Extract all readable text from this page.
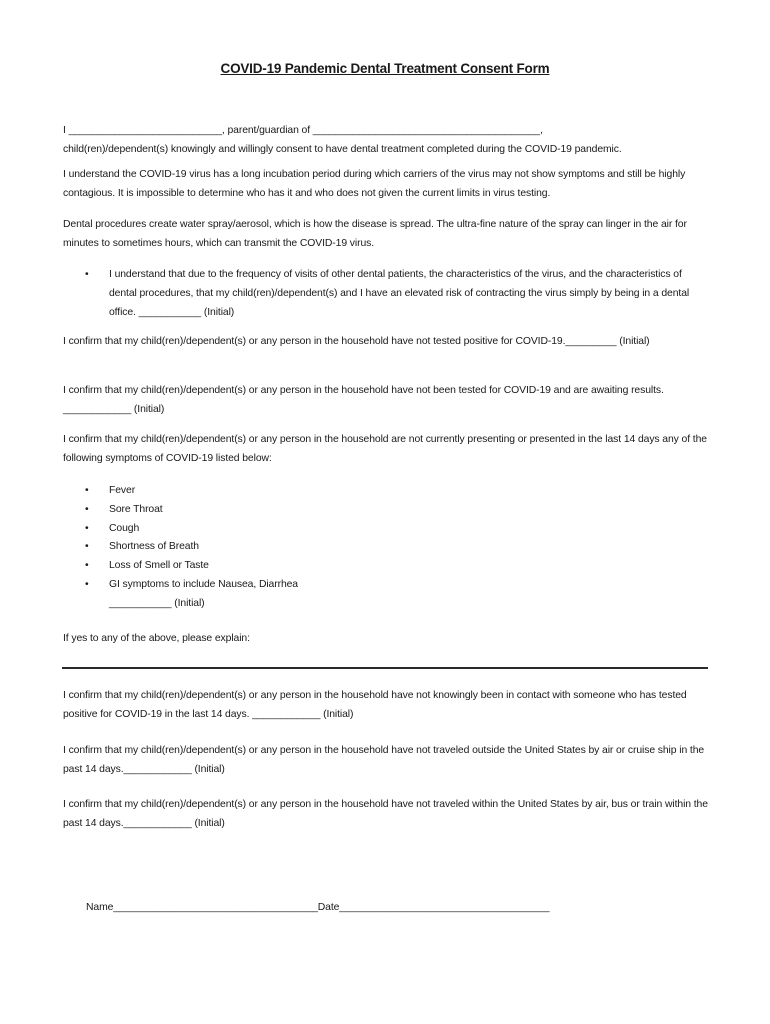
COVID-19 Pandemic Dental Treatment Consent Form

I ___________________________, parent/guardian of ________________________________________,
child(ren)/dependent(s) knowingly and willingly consent to have dental treatment completed during the COVID-19 pandemic.

I understand the COVID-19 virus has a long incubation period during which carriers of the virus may not show symptoms and still be highly contagious. It is impossible to determine who has it and who does not given the current limits in virus testing.

Dental procedures create water spray/aerosol, which is how the disease is spread. The ultra-fine nature of the spray can linger in the air for minutes to sometimes hours, which can transmit the COVID-19 virus.

• I understand that due to the frequency of visits of other dental patients, the characteristics of the virus, and the characteristics of dental procedures, that my child(ren)/dependent(s) and I have an elevated risk of contracting the virus simply by being in a dental office. ___________ (Initial)

I confirm that my child(ren)/dependent(s) or any person in the household have not tested positive for COVID-19._________ (Initial)

I confirm that my child(ren)/dependent(s) or any person in the household have not been tested for COVID-19 and are awaiting results. ____________ (Initial)

I confirm that my child(ren)/dependent(s) or any person in the household are not currently presenting or presented in the last 14 days any of the following symptoms of COVID-19 listed below:

• Fever
• Sore Throat
• Cough
• Shortness of Breath
• Loss of Smell or Taste
• GI symptoms to include Nausea, Diarrhea
___________ (Initial)

If yes to any of the above, please explain:

I confirm that my child(ren)/dependent(s) or any person in the household have not knowingly been in contact with someone who has tested positive for COVID-19 in the last 14 days. ____________ (Initial)

I confirm that my child(ren)/dependent(s) or any person in the household have not traveled outside the United States by air or cruise ship in the past 14 days.____________ (Initial)

I confirm that my child(ren)/dependent(s) or any person in the household have not traveled within the United States by air, bus or train within the past 14 days.____________ (Initial)

Name____________________________________Date_____________________________________
